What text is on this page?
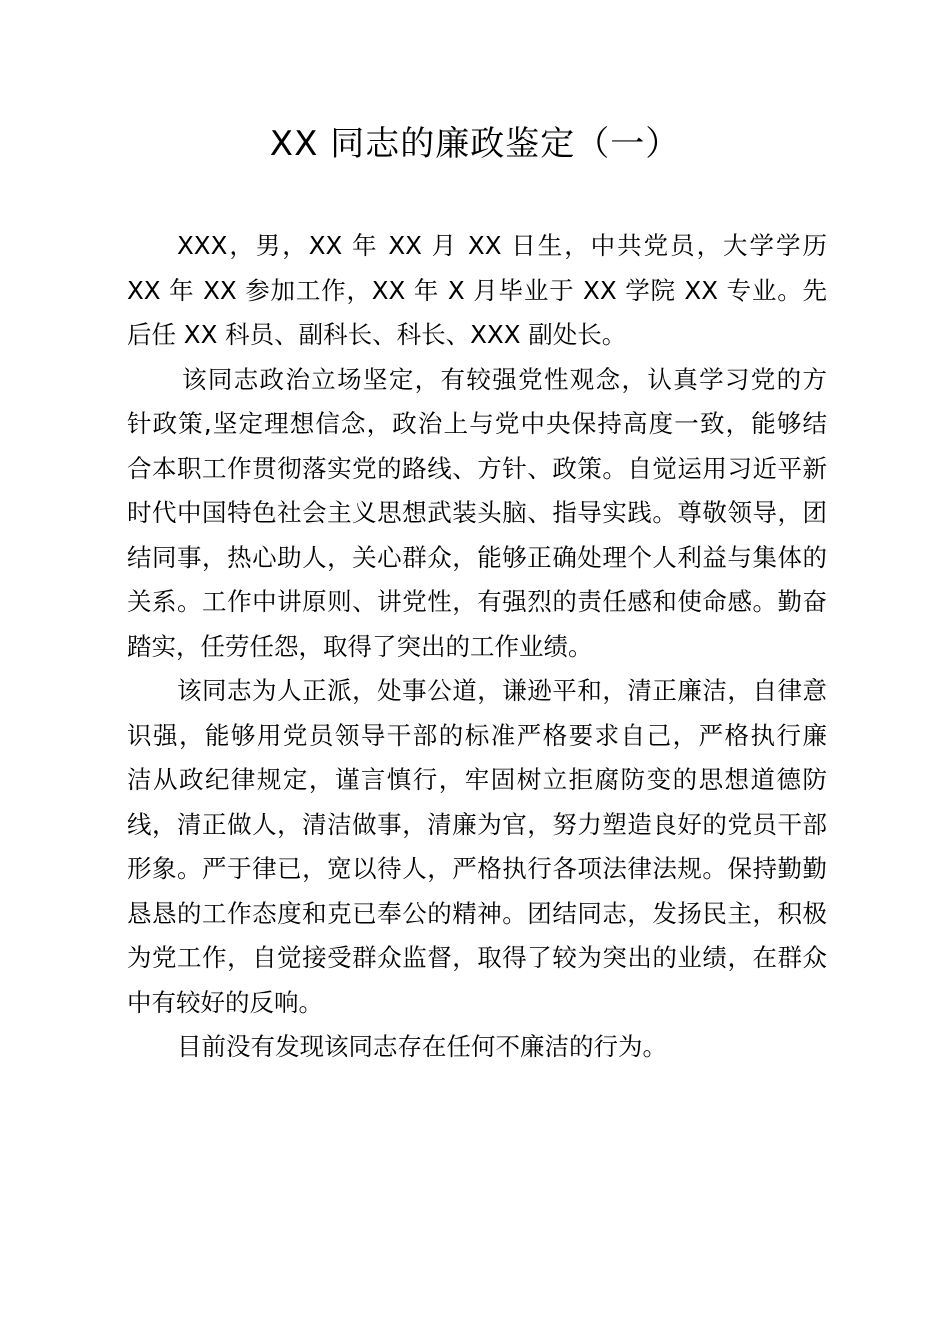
XX 同志的廉政鉴定（一）
XXX，男，XX 年 XX 月 XX 日生，中共党员，大学学历
XX 年 XX 参加工作，XX 年 X 月毕业于 XX 学院 XX 专业。先
后任 XX 科员、副科长、科长、XXX 副处长。
该同志政治立场坚定，有较强党性观念，认真学习党的方
针政策,坚定理想信念，政治上与党中央保持高度一致，能够结
合本职工作贯彻落实党的路线、方针、政策。自觉运用习近平新
时代中国特色社会主义思想武装头脑、指导实践。尊敬领导，团
结同事，热心助人，关心群众，能够正确处理个人利益与集体的
关系。工作中讲原则、讲党性，有强烈的责任感和使命感。勤奋
踏实，任劳任怨，取得了突出的工作业绩。
该同志为人正派，处事公道，谦逊平和，清正廉洁，自律意
识强，能够用党员领导干部的标准严格要求自己，严格执行廉
洁从政纪律规定，谨言慎行，牢固树立拒腐防变的思想道德防
线，清正做人，清洁做事，清廉为官，努力塑造良好的党员干部
形象。严于律已，宽以待人，严格执行各项法律法规。保持勤勤
恳恳的工作态度和克已奉公的精神。团结同志，发扬民主，积极
为党工作，自觉接受群众监督，取得了较为突出的业绩，在群众
中有较好的反响。
目前没有发现该同志存在任何不廉洁的行为。
